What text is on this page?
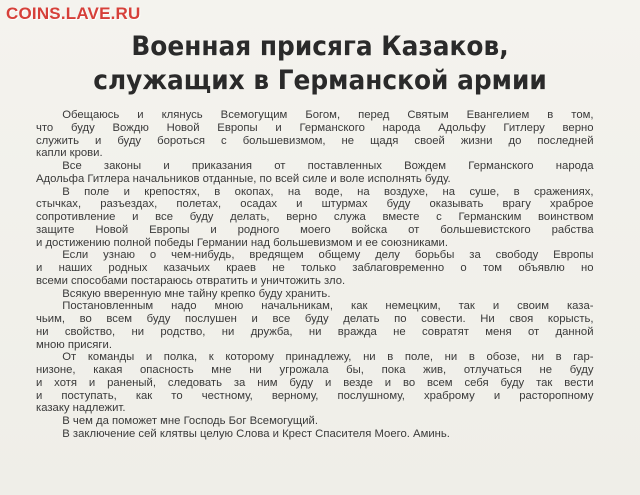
COINS.LAVE.RU
Военная присяга Казаков,
служащих в Германской армии
Обещаюсь и клянусь Всемогущим Богом, перед Святым Евангелием в том,
что буду Вождю Новой Европы и Германского народа Адольфу Гитлеру верно
служить и буду бороться с большевизмом, не щадя своей жизни до последней
капли крови.
Все законы и приказания от поставленных Вождем Германского народа
Адольфа Гитлера начальников отданные, по всей силе и воле исполнять буду.
В поле и крепостях, в окопах, на воде, на воздухе, на суше, в сражениях,
стычках, разъездах, полетах, осадах и штурмах буду оказывать врагу храброе
сопротивление и все буду делать, верно служа вместе с Германским воинством
защите Новой Европы и родного моего войска от большевистского рабства
и достижению полной победы Германии над большевизмом и ее союзниками.
Если узнаю о чем-нибудь, вредящем общему делу борьбы за свободу Европы
и наших родных казачьих краев не только заблаговременно о том объявлю но
всеми способами постараюсь отвратить и уничтожить зло.
Всякую вверенную мне тайну крепко буду хранить.
Постановленным надо мною начальникам, как немецким, так и своим каза-
чьим, во всем буду послушен и все буду делать по совести. Ни своя корысть,
ни свойство, ни родство, ни дружба, ни вражда не совратят меня от данной
мною присяги.
От команды и полка, к которому принадлежу, ни в поле, ни в обозе, ни в гар-
низоне, какая опасность мне ни угрожала бы, пока жив, отлучаться не буду
и хотя и раненый, следовать за ним буду и везде и во всем себя буду так вести
и поступать, как то честному, верному, послушному, храброму и расторопному
казаку надлежит.
В чем да поможет мне Господь Бог Всемогущий.
В заключение сей клятвы целую Слова и Крест Спасителя Моего. Аминь.
